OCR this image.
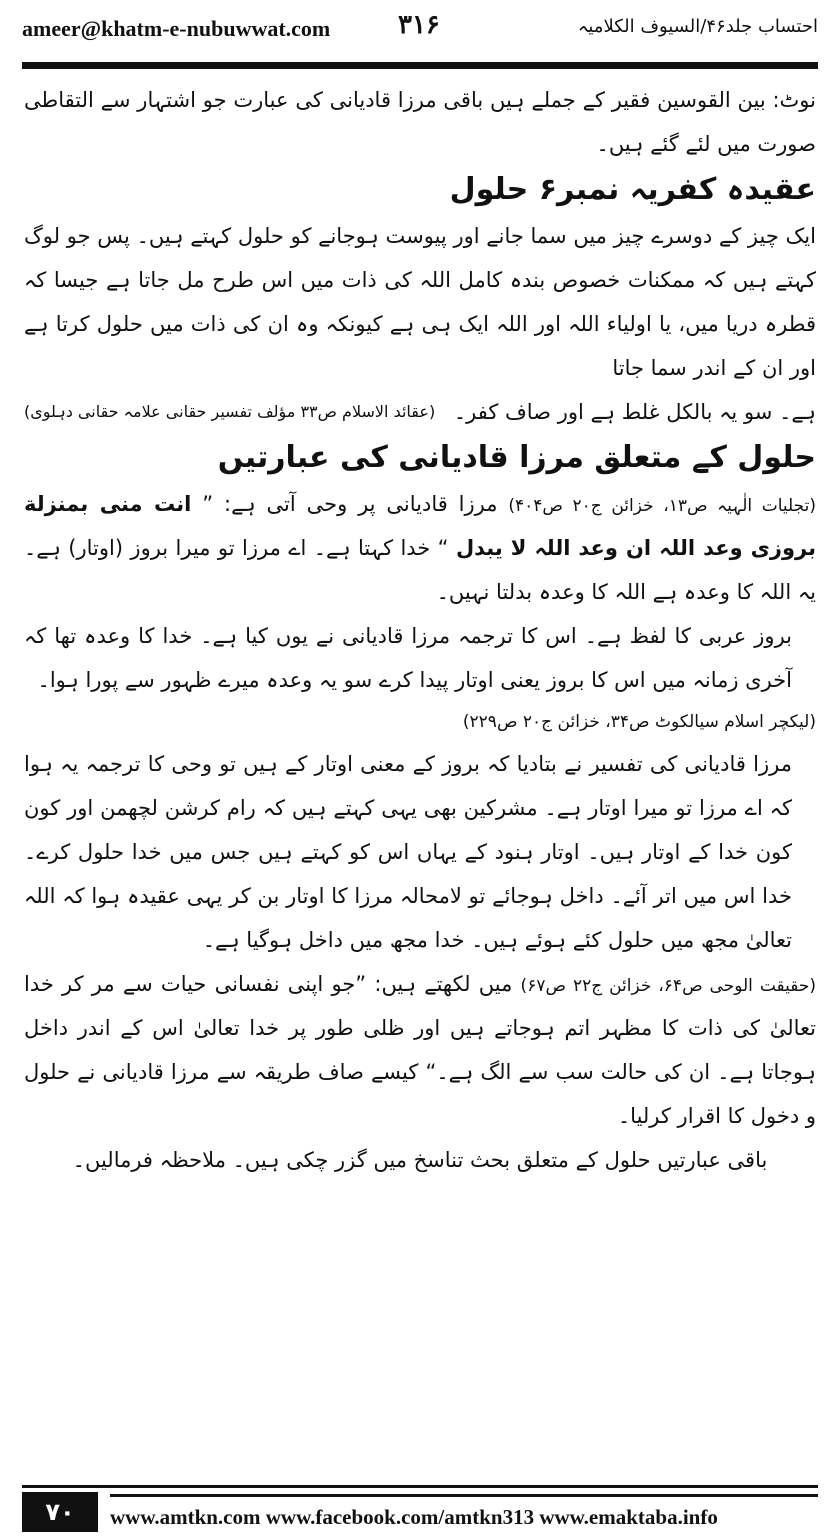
ameer@khatm-e-nubuwwat.com	۳۱۶	احتساب جلد۴۶/السیوف الکلامیہ

نوٹ: بین القوسین فقیر کے جملے ہیں باقی مرزا قادیانی کی عبارت جو اشتہار سے التقاطی صورت میں لئے گئے ہیں۔

عقیدہ کفریہ نمبر۶ حلول

ایک چیز کے دوسرے چیز میں سما جانے اور پیوست ہوجانے کو حلول کہتے ہیں۔ پس جو لوگ کہتے ہیں کہ ممکنات خصوص بندہ کامل اللہ کی ذات میں اس طرح مل جاتا ہے جیسا کہ قطرہ دریا میں، یا اولیاء اللہ اور اللہ ایک ہی ہے کیونکہ وہ ان کی ذات میں حلول کرتا ہے اور ان کے اندر سما جاتا

ہے۔ سو یہ بالکل غلط ہے اور صاف کفر۔
(عقائد الاسلام ص۳۳ مؤلف تفسیر حقانی علامہ حقانی دہلوی)

حلول کے متعلق مرزا قادیانی کی عبارتیں

(تجلیات الٰہیہ ص۱۳، خزائن ج۲۰ ص۴۰۴) مرزا قادیانی پر وحی آتی ہے: ” انت منی بمنزلة بروزی وعد اللہ ان وعد اللہ لا یبدل “ خدا کہتا ہے۔ اے مرزا تو میرا بروز (اوتار) ہے۔ یہ اللہ کا وعدہ ہے اللہ کا وعدہ بدلتا نہیں۔

بروز عربی کا لفظ ہے۔ اس کا ترجمہ مرزا قادیانی نے یوں کیا ہے۔ خدا کا وعدہ تھا کہ آخری زمانہ میں اس کا بروز یعنی اوتار پیدا کرے سو یہ وعدہ میرے ظہور سے پورا ہوا۔

(لیکچر اسلام سیالکوٹ ص۳۴، خزائن ج۲۰ ص۲۲۹)

مرزا قادیانی کی تفسیر نے بتادیا کہ بروز کے معنی اوتار کے ہیں تو وحی کا ترجمہ یہ ہوا کہ اے مرزا تو میرا اوتار ہے۔ مشرکین بھی یہی کہتے ہیں کہ رام کرشن لچھمن اور کون کون خدا کے اوتار ہیں۔ اوتار ہنود کے یہاں اس کو کہتے ہیں جس میں خدا حلول کرے۔ خدا اس میں اتر آئے۔ داخل ہوجائے تو لامحالہ مرزا کا اوتار بن کر یہی عقیدہ ہوا کہ اللہ تعالیٰ مجھ میں حلول کئے ہوئے ہیں۔ خدا مجھ میں داخل ہوگیا ہے۔

(حقیقت الوحی ص۶۴، خزائن ج۲۲ ص۶۷) میں لکھتے ہیں: ”جو اپنی نفسانی حیات سے مر کر خدا تعالیٰ کی ذات کا مظہر اتم ہوجاتے ہیں اور ظلی طور پر خدا تعالیٰ اس کے اندر داخل ہوجاتا ہے۔ ان کی حالت سب سے الگ ہے۔“ کیسے صاف طریقہ سے مرزا قادیانی نے حلول و دخول کا اقرار کرلیا۔

باقی عبارتیں حلول کے متعلق بحث تناسخ میں گزر چکی ہیں۔ ملاحظہ فرمالیں۔

۷۰	www.amtkn.com www.facebook.com/amtkn313 www.emaktaba.info
